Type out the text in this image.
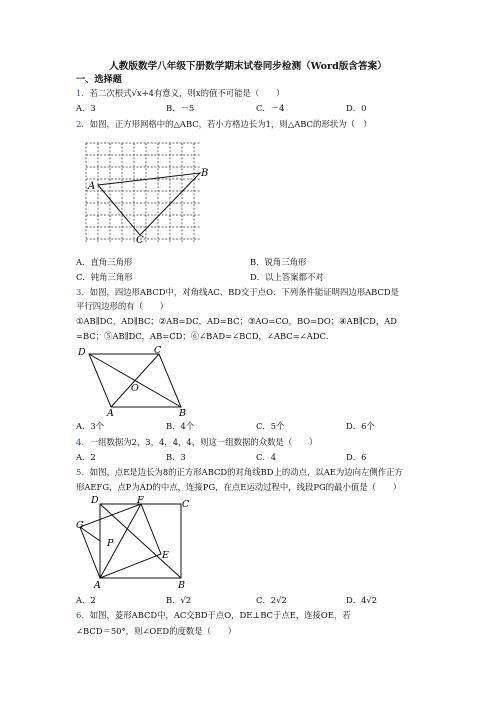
人教版数学八年级下册数学期末试卷同步检测（Word版含答案）
一、选择题
1．若二次根式√x+4有意义，则x的值不可能是（　　）
A．3	B．－5	C．－4	D．0
2．如图，正方形网格中的△ABC，若小方格边长为1，则△ABC的形状为（　）
A
B
C
A．直角三角形	B．锐角三角形
C．钝角三角形	D．以上答案都不对
3．如图，四边形ABCD中，对角线AC、BD交于点O．下列条件能证明四边形ABCD是
平行四边形的有（　　）
①AB∥DC，AD∥BC；②AB=DC，AD=BC；③AO=CO，BO=DO；④AB∥CD，AD
=BC；⑤AB∥DC，AB=CD；⑥∠BAD=∠BCD，∠ABC=∠ADC．
D	C
O
A	B
A．3个	B．4个	C．5个	D．6个
4．一组数据为2，3，4，4，4，则这一组数据的众数是（　　）
A．2	B．3	C．4	D．6
5．如图，点E是边长为8的正方形ABCD的对角线BD上的动点，以AE为边向左侧作正方
形AEFG，点P为AD的中点，连接PG，在点E运动过程中，线段PG的最小值是（　　）
D	F	C
G
P
E
A	B
A．2	B．√2	C．2√2	D．4√2
6．如图，菱形ABCD中，AC交BD于点O，DE⊥BC于点E，连接OE，若
∠BCD＝50°，则∠OED的度数是（　　）
